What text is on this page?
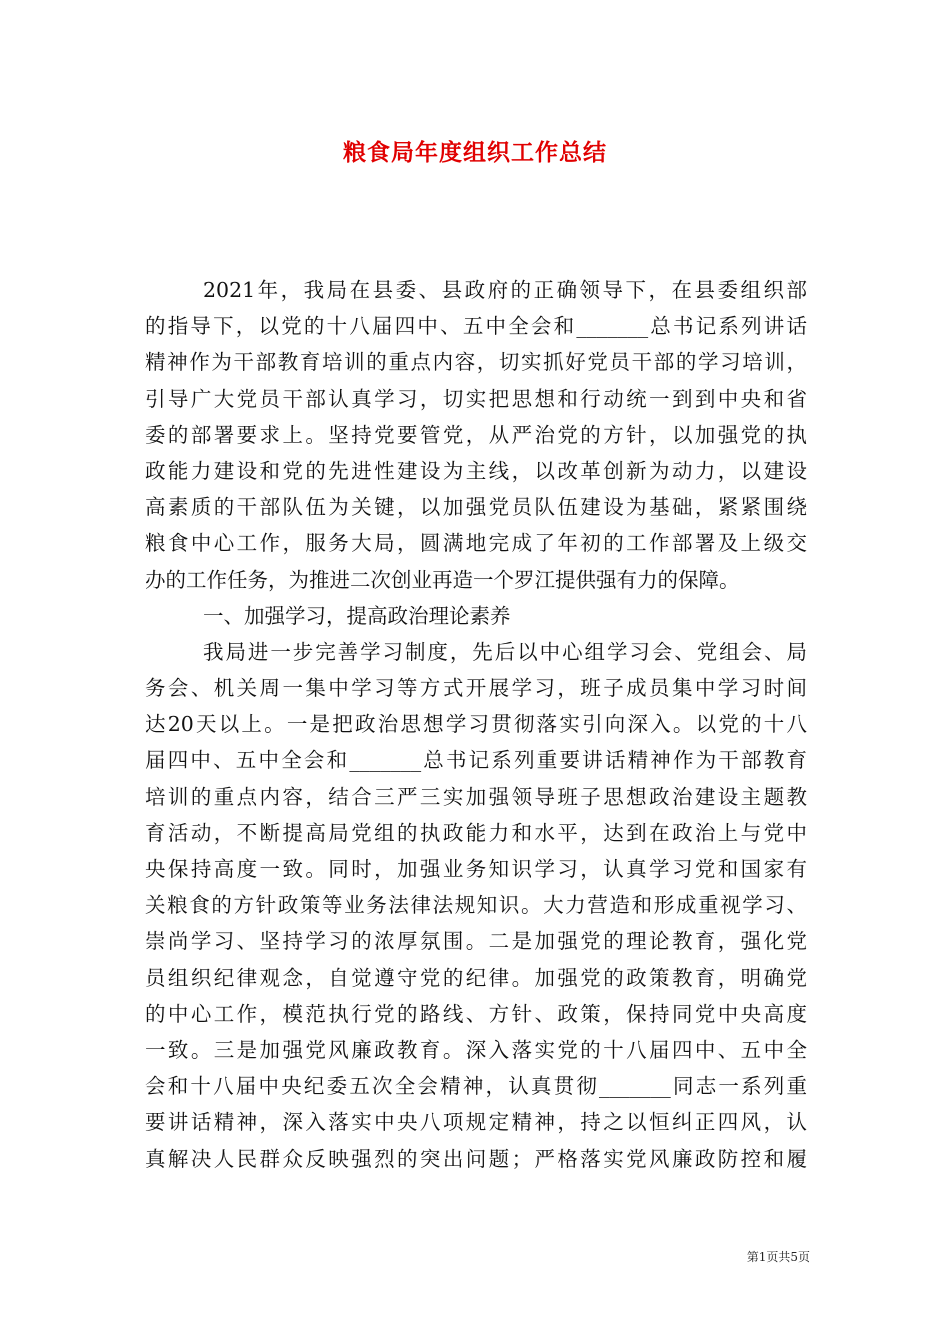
粮食局年度组织工作总结
2021年，我局在县委、县政府的正确领导下，在县委组织部
的指导下，以党的十八届四中、五中全会和_______总书记系列讲话
精神作为干部教育培训的重点内容，切实抓好党员干部的学习培训，
引导广大党员干部认真学习，切实把思想和行动统一到到中央和省
委的部署要求上。坚持党要管党，从严治党的方针，以加强党的执
政能力建设和党的先进性建设为主线，以改革创新为动力，以建设
高素质的干部队伍为关键，以加强党员队伍建设为基础，紧紧围绕
粮食中心工作，服务大局，圆满地完成了年初的工作部署及上级交
办的工作任务，为推进二次创业再造一个罗江提供强有力的保障。
一、加强学习，提高政治理论素养
我局进一步完善学习制度，先后以中心组学习会、党组会、局
务会、机关周一集中学习等方式开展学习，班子成员集中学习时间
达20天以上。一是把政治思想学习贯彻落实引向深入。以党的十八
届四中、五中全会和_______总书记系列重要讲话精神作为干部教育
培训的重点内容，结合三严三实加强领导班子思想政治建设主题教
育活动，不断提高局党组的执政能力和水平，达到在政治上与党中
央保持高度一致。同时，加强业务知识学习，认真学习党和国家有
关粮食的方针政策等业务法律法规知识。大力营造和形成重视学习、
崇尚学习、坚持学习的浓厚氛围。二是加强党的理论教育，强化党
员组织纪律观念，自觉遵守党的纪律。加强党的政策教育，明确党
的中心工作，模范执行党的路线、方针、政策，保持同党中央高度
一致。三是加强党风廉政教育。深入落实党的十八届四中、五中全
会和十八届中央纪委五次全会精神，认真贯彻_______同志一系列重
要讲话精神，深入落实中央八项规定精神，持之以恒纠正四风，认
真解决人民群众反映强烈的突出问题；严格落实党风廉政防控和履
第1页共5页
